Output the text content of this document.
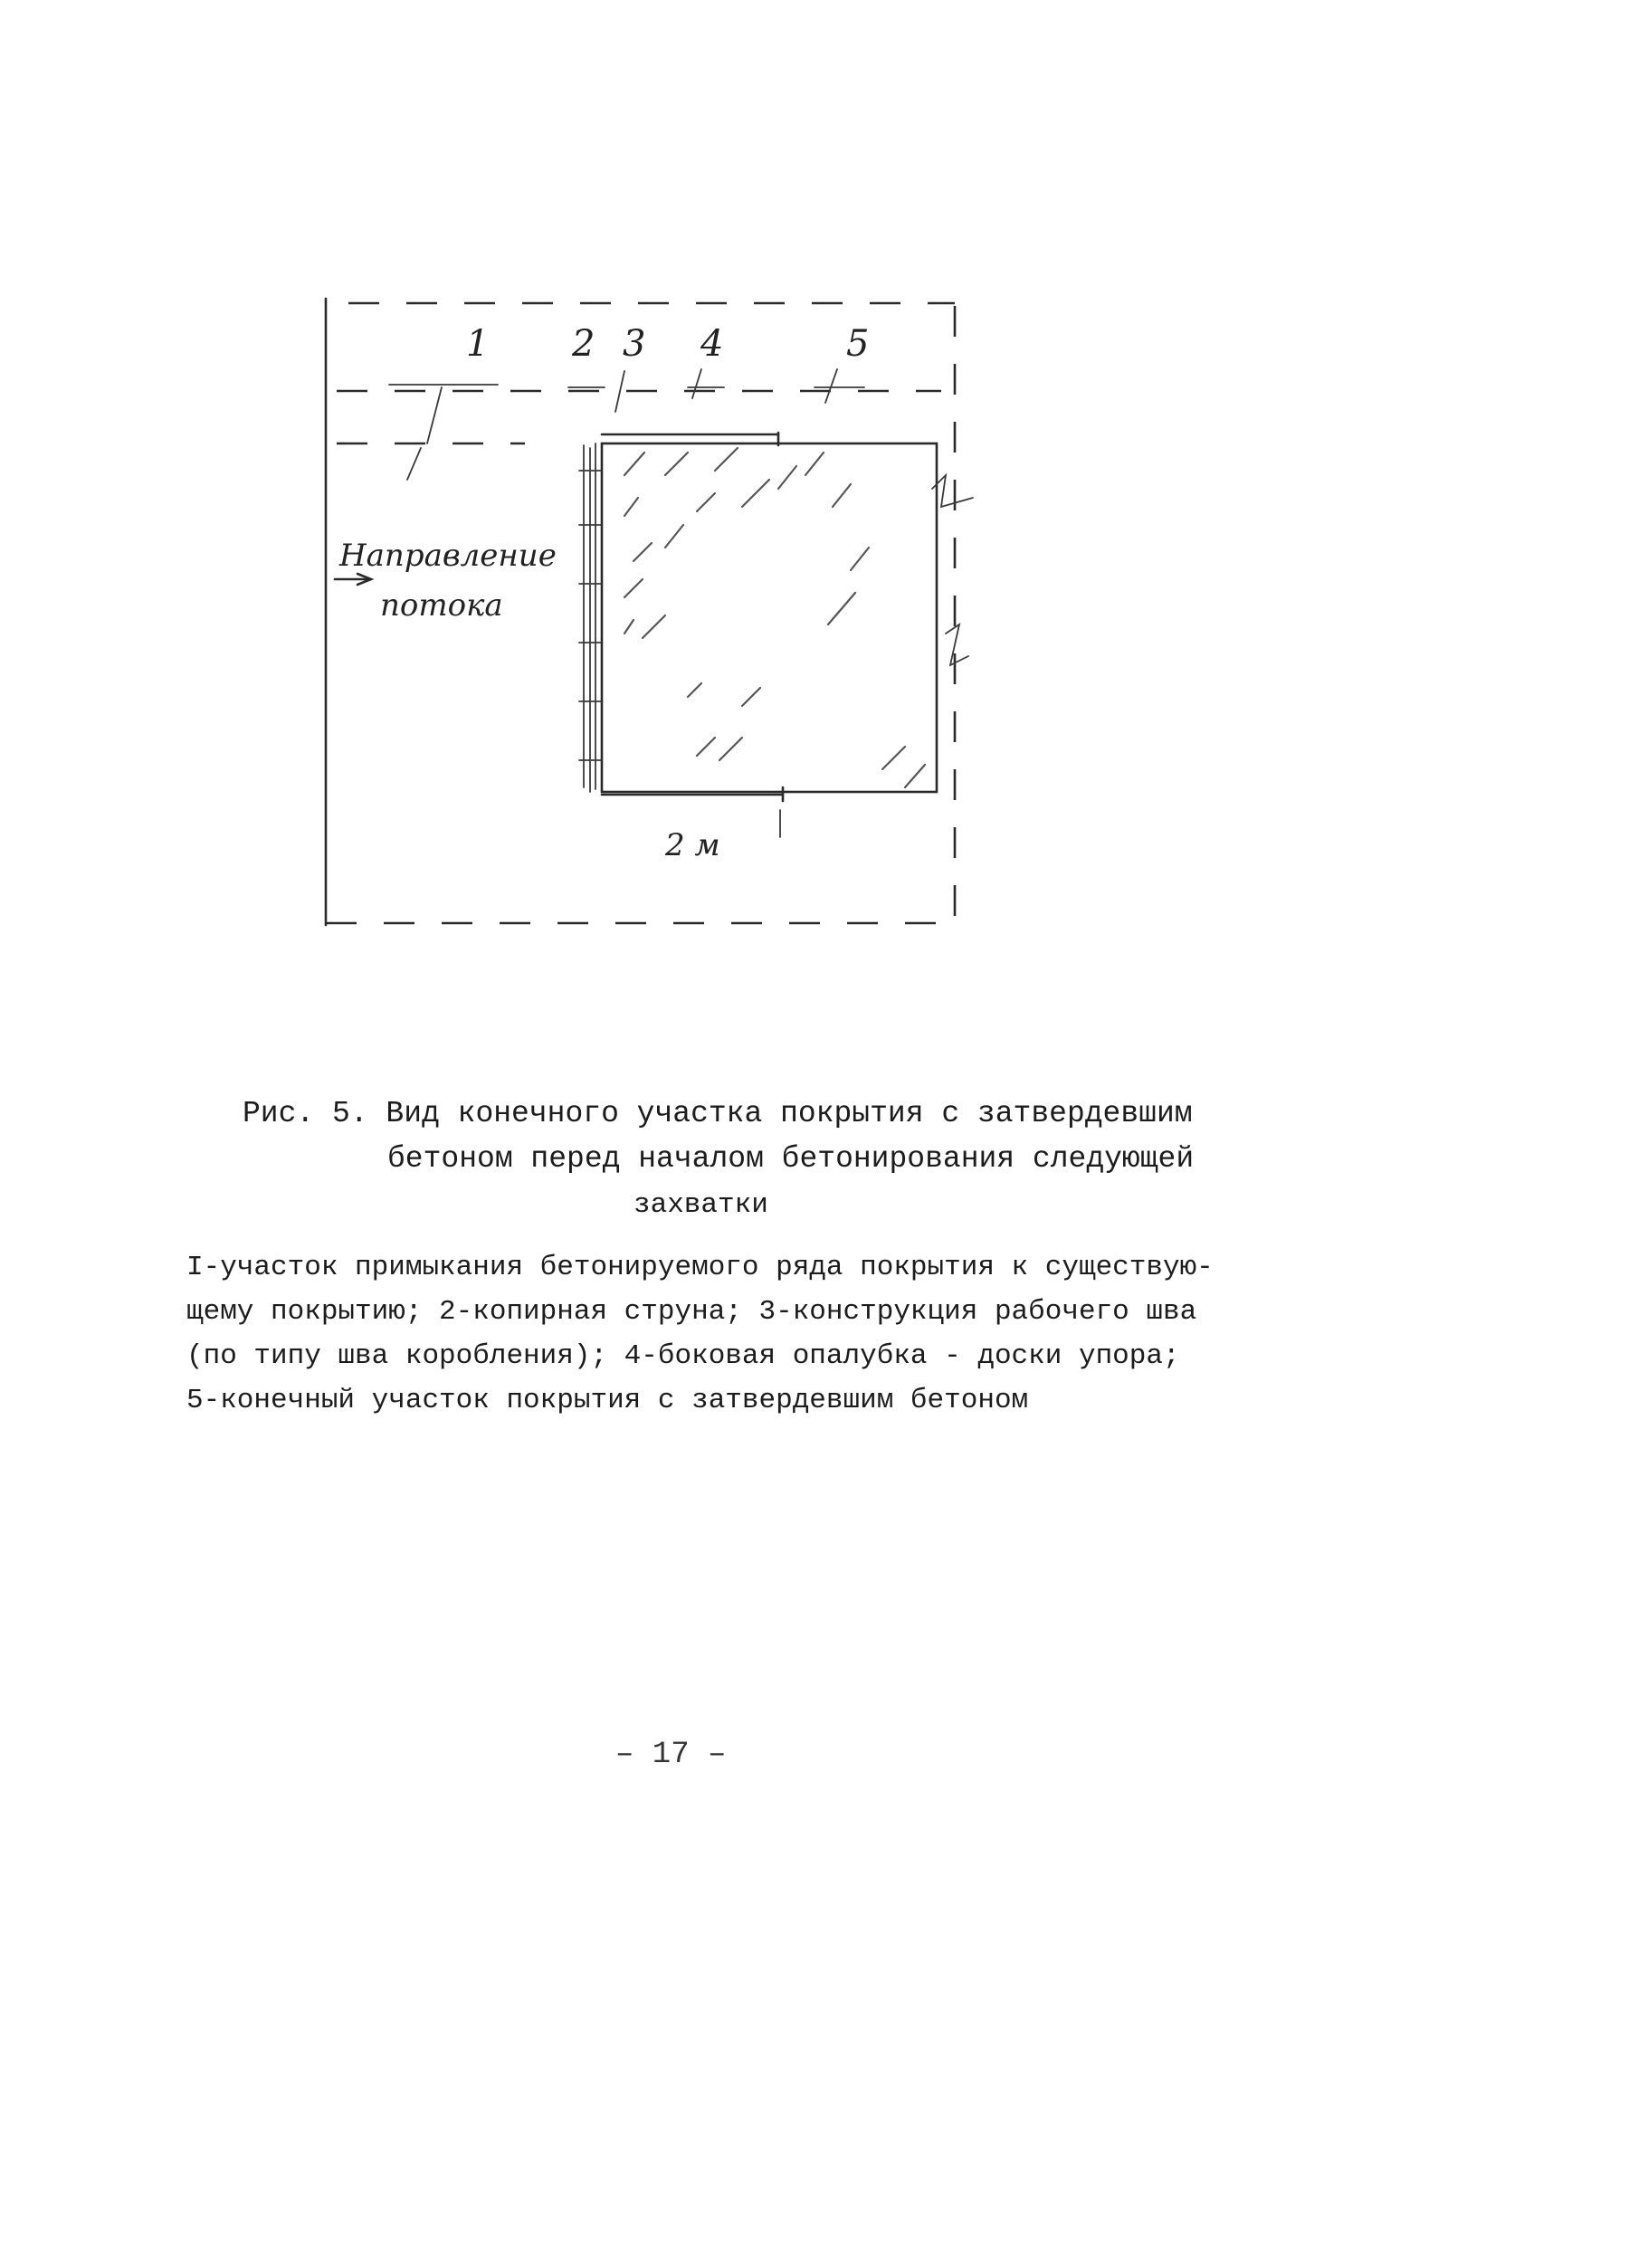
1 2 3 4	5
Направление
потока
2 м
Рис. 5. Вид конечного участка покрытия с затвердевшим
бетоном перед началом бетонирования следующей
захватки
I-участок примыкания бетонируемого ряда покрытия к существую-
щему покрытию; 2-копирная струна; 3-конструкция рабочего шва
(по типу шва коробления); 4-боковая опалубка - доски упора;
5-конечный участок покрытия с затвердевшим бетоном
– 17 –
